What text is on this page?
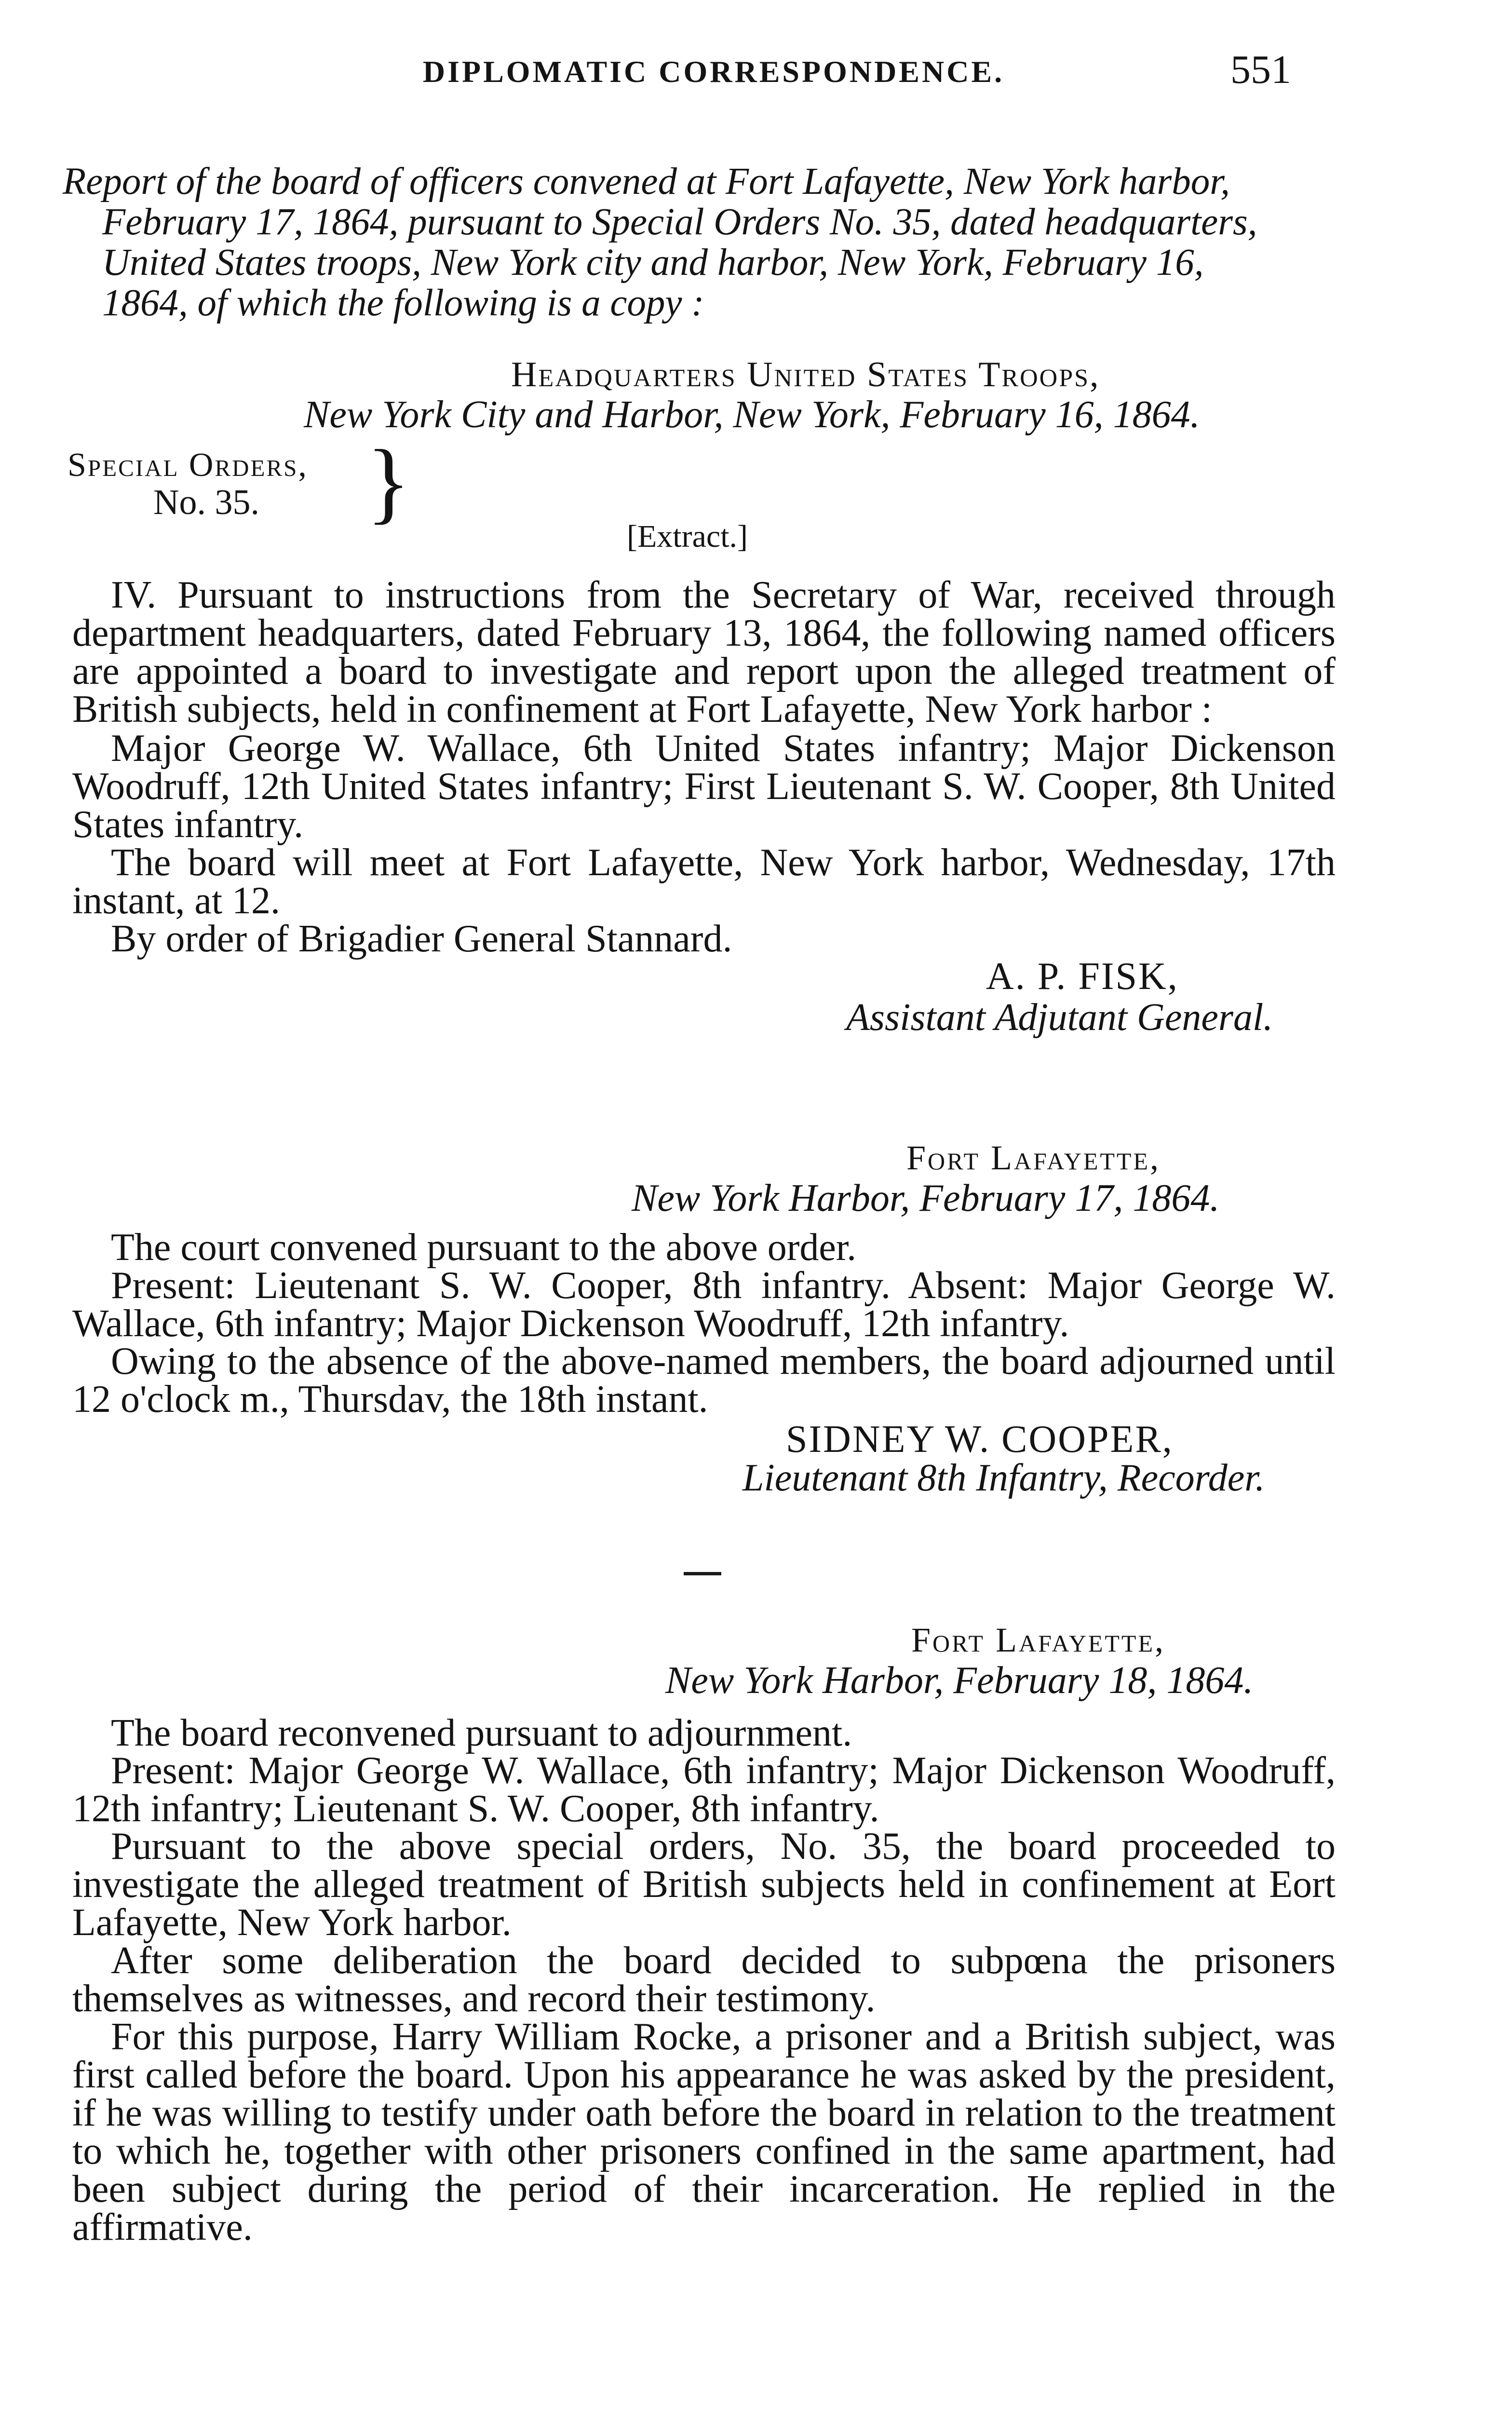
DIPLOMATIC CORRESPONDENCE.	551
Report of the board of officers convened at Fort Lafayette, New York harbor,
February 17, 1864, pursuant to Special Orders No. 35, dated headquarters,
United States troops, New York city and harbor, New York, February 16,
1864, of which the following is a copy :
Headquarters United States Troops,
New York City and Harbor, New York, February 16, 1864.
Special Orders,
No. 35. }
[Extract.]
IV. Pursuant to instructions from the Secretary of War, received through department headquarters, dated February 13, 1864, the following named officers are appointed a board to investigate and report upon the alleged treatment of British subjects, held in confinement at Fort Lafayette, New York harbor :
Major George W. Wallace, 6th United States infantry; Major Dickenson Woodruff, 12th United States infantry; First Lieutenant S. W. Cooper, 8th United States infantry.
The board will meet at Fort Lafayette, New York harbor, Wednesday, 17th instant, at 12.
By order of Brigadier General Stannard.
A. P. FISK,
Assistant Adjutant General.
Fort Lafayette,
New York Harbor, February 17, 1864.
The court convened pursuant to the above order.
Present: Lieutenant S. W. Cooper, 8th infantry. Absent: Major George W. Wallace, 6th infantry; Major Dickenson Woodruff, 12th infantry.
Owing to the absence of the above-named members, the board adjourned until 12 o'clock m., Thursdav, the 18th instant.
SIDNEY W. COOPER,
Lieutenant 8th Infantry, Recorder.
Fort Lafayette,
New York Harbor, February 18, 1864.
The board reconvened pursuant to adjournment.
Present: Major George W. Wallace, 6th infantry; Major Dickenson Woodruff, 12th infantry; Lieutenant S. W. Cooper, 8th infantry.
Pursuant to the above special orders, No. 35, the board proceeded to investigate the alleged treatment of British subjects held in confinement at Eort Lafayette, New York harbor.
After some deliberation the board decided to subpœna the prisoners themselves as witnesses, and record their testimony.
For this purpose, Harry William Rocke, a prisoner and a British subject, was first called before the board. Upon his appearance he was asked by the president, if he was willing to testify under oath before the board in relation to the treatment to which he, together with other prisoners confined in the same apartment, had been subject during the period of their incarceration. He replied in the affirmative.
